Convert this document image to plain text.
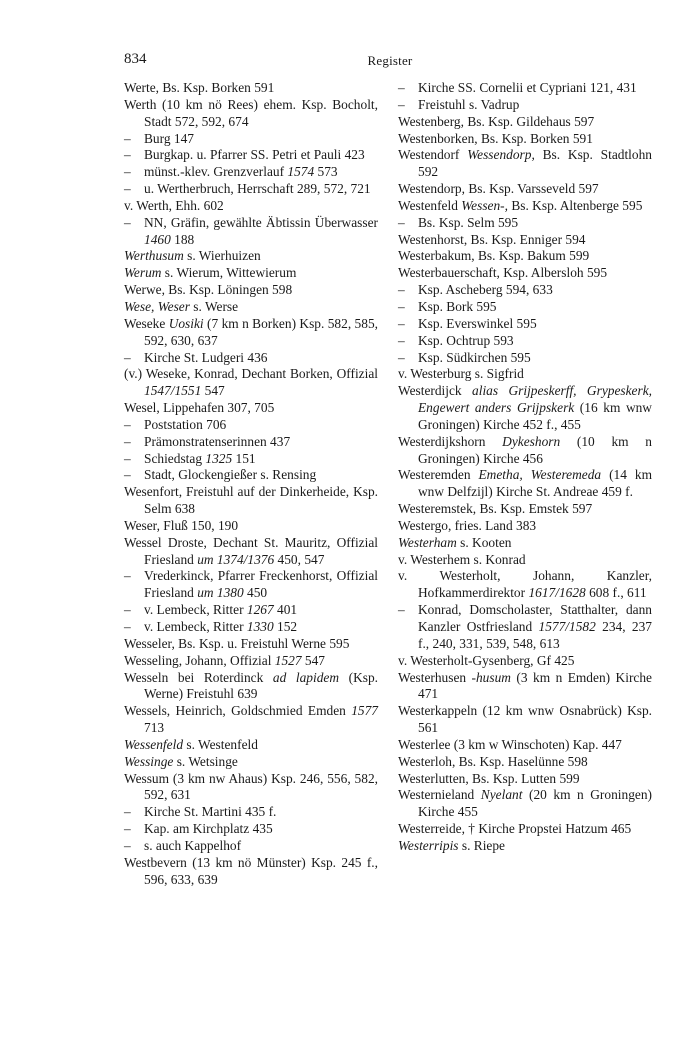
834	Register

Werte, Bs. Ksp. Borken 591

Werth (10 km nö Rees) ehem. Ksp. Bocholt, Stadt 572, 592, 674

– Burg 147

– Burgkap. u. Pfarrer SS. Petri et Pauli 423

– münst.-klev. Grenzverlauf 1574 573

– u. Wertherbruch, Herrschaft 289, 572, 721

v. Werth, Ehh. 602

– NN, Gräfin, gewählte Äbtissin Überwasser 1460 188

Werthusum s. Wierhuizen

Werum s. Wierum, Wittewierum

Werwe, Bs. Ksp. Löningen 598

Wese, Weser s. Werse

Weseke Uosiki (7 km n Borken) Ksp. 582, 585, 592, 630, 637

– Kirche St. Ludgeri 436

(v.) Weseke, Konrad, Dechant Borken, Offizial 1547/1551 547

Wesel, Lippehafen 307, 705

– Poststation 706

– Prämonstratenserinnen 437

– Schiedstag 1325 151

– Stadt, Glockengießer s. Rensing

Wesenfort, Freistuhl auf der Dinkerheide, Ksp. Selm 638

Weser, Fluß 150, 190

Wessel Droste, Dechant St. Mauritz, Offizial Friesland um 1374/1376 450, 547

– Vrederkinck, Pfarrer Freckenhorst, Offizial Friesland um 1380 450

– v. Lembeck, Ritter 1267 401

– v. Lembeck, Ritter 1330 152

Wesseler, Bs. Ksp. u. Freistuhl Werne 595

Wesseling, Johann, Offizial 1527 547

Wesseln bei Roterdinck ad lapidem (Ksp. Werne) Freistuhl 639

Wessels, Heinrich, Goldschmied Emden 1577 713

Wessenfeld s. Westenfeld

Wessinge s. Wetsinge

Wessum (3 km nw Ahaus) Ksp. 246, 556, 582, 592, 631

– Kirche St. Martini 435 f.

– Kap. am Kirchplatz 435

– s. auch Kappelhof

Westbevern (13 km nö Münster) Ksp. 245 f., 596, 633, 639

– Kirche SS. Cornelii et Cypriani 121, 431

– Freistuhl s. Vadrup

Westenberg, Bs. Ksp. Gildehaus 597

Westenborken, Bs. Ksp. Borken 591

Westendorf Wessendorp, Bs. Ksp. Stadtlohn 592

Westendorp, Bs. Ksp. Varsseveld 597

Westenfeld Wessen-, Bs. Ksp. Altenberge 595

– Bs. Ksp. Selm 595

Westenhorst, Bs. Ksp. Enniger 594

Westerbakum, Bs. Ksp. Bakum 599

Westerbauerschaft, Ksp. Albersloh 595

– Ksp. Ascheberg 594, 633

– Ksp. Bork 595

– Ksp. Everswinkel 595

– Ksp. Ochtrup 593

– Ksp. Südkirchen 595

v. Westerburg s. Sigfrid

Westerdijck alias Grijpeskerff, Grypeskerk, Engewert anders Grijpskerk (16 km wnw Groningen) Kirche 452 f., 455

Westerdijkshorn Dykeshorn (10 km n Groningen) Kirche 456

Westeremden Emetha, Westeremeda (14 km wnw Delfzijl) Kirche St. Andreae 459 f.

Westeremstek, Bs. Ksp. Emstek 597

Westergo, fries. Land 383

Westerham s. Kooten

v. Westerhem s. Konrad

v. Westerholt, Johann, Kanzler, Hofkammerdirektor 1617/1628 608 f., 611

– Konrad, Domscholaster, Statthalter, dann Kanzler Ostfriesland 1577/1582 234, 237 f., 240, 331, 539, 548, 613

v. Westerholt-Gysenberg, Gf 425

Westerhusen -husum (3 km n Emden) Kirche 471

Westerkappeln (12 km wnw Osnabrück) Ksp. 561

Westerlee (3 km w Winschoten) Kap. 447

Westerloh, Bs. Ksp. Haselünne 598

Westerlutten, Bs. Ksp. Lutten 599

Westernieland Nyelant (20 km n Groningen) Kirche 455

Westerreide, † Kirche Propstei Hatzum 465

Westerripis s. Riepe
